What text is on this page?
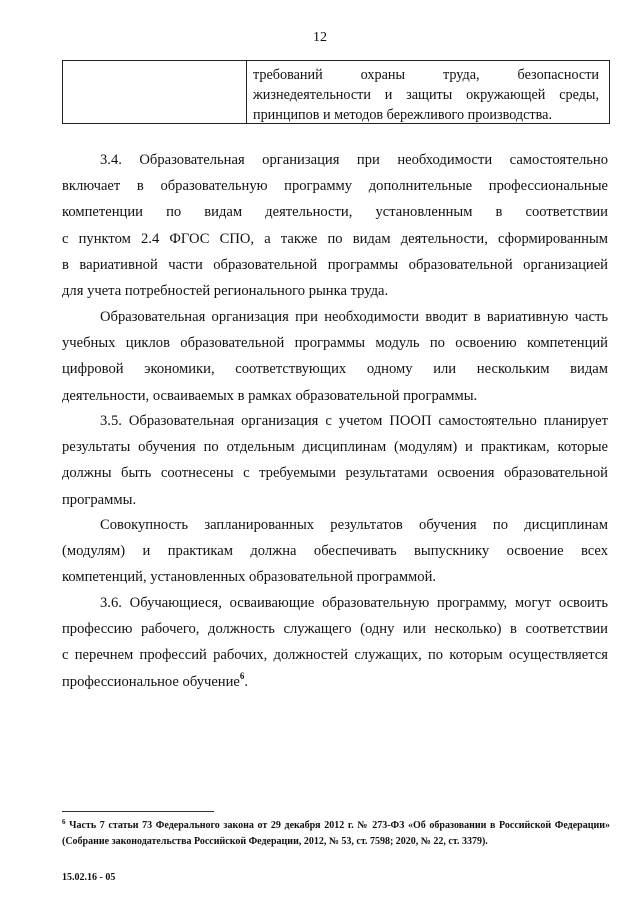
12
требований охраны труда, безопасности
жизнедеятельности и защиты окружающей среды,
принципов и методов бережливого производства.
3.4. Образовательная организация при необходимости самостоятельно
включает в образовательную программу дополнительные профессиональные
компетенции по видам деятельности, установленным в соответствии
с пунктом 2.4 ФГОС СПО, а также по видам деятельности, сформированным
в вариативной части образовательной программы образовательной организацией
для учета потребностей регионального рынка труда.
Образовательная организация при необходимости вводит в вариативную часть
учебных циклов образовательной программы модуль по освоению компетенций
цифровой экономики, соответствующих одному или нескольким видам
деятельности, осваиваемых в рамках образовательной программы.
3.5. Образовательная организация с учетом ПООП самостоятельно планирует
результаты обучения по отдельным дисциплинам (модулям) и практикам, которые
должны быть соотнесены с требуемыми результатами освоения образовательной
программы.
Совокупность запланированных результатов обучения по дисциплинам
(модулям) и практикам должна обеспечивать выпускнику освоение всех
компетенций, установленных образовательной программой.
3.6. Обучающиеся, осваивающие образовательную программу, могут освоить
профессию рабочего, должность служащего (одну или несколько) в соответствии
с перечнем профессий рабочих, должностей служащих, по которым осуществляется
профессиональное обучение$^6$.
$^6$ Часть 7 статьи 73 Федерального закона от 29 декабря 2012 г. № 273-ФЗ «Об образовании в Российской Федерации»
(Собрание законодательства Российской Федерации, 2012, № 53, ст. 7598; 2020, № 22, ст. 3379).
15.02.16 - 05
